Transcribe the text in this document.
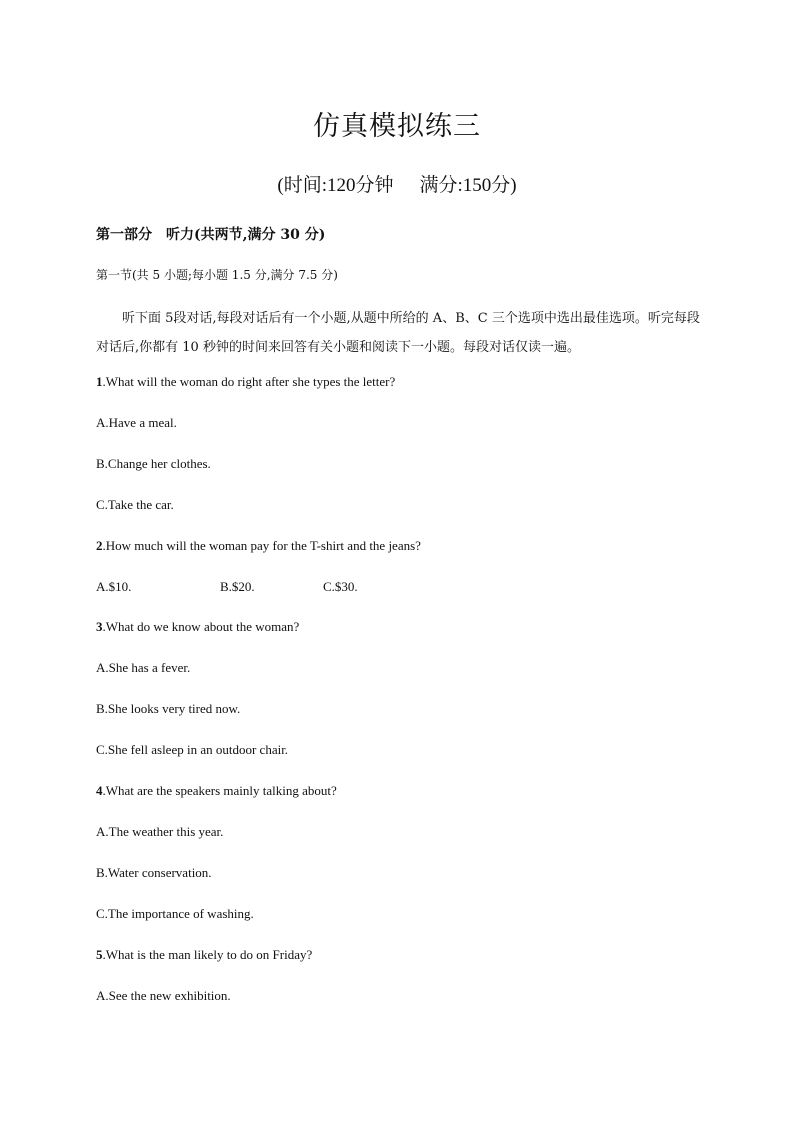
仿真模拟练三
(时间:120分钟 满分:150分)
第一部分 听力(共两节,满分 30 分)
第一节(共 5 小题;每小题 1.5 分,满分 7.5 分)
听下面 5段对话,每段对话后有一个小题,从题中所给的 A、B、C 三个选项中选出最佳选项。听完每段对话后,你都有 10 秒钟的时间来回答有关小题和阅读下一小题。每段对话仅读一遍。
1.What will the woman do right after she types the letter?
A.Have a meal.
B.Change her clothes.
C.Take the car.
2.How much will the woman pay for the T-shirt and the jeans?
A.$10.	B.$20.	C.$30.
3.What do we know about the woman?
A.She has a fever.
B.She looks very tired now.
C.She fell asleep in an outdoor chair.
4.What are the speakers mainly talking about?
A.The weather this year.
B.Water conservation.
C.The importance of washing.
5.What is the man likely to do on Friday?
A.See the new exhibition.
